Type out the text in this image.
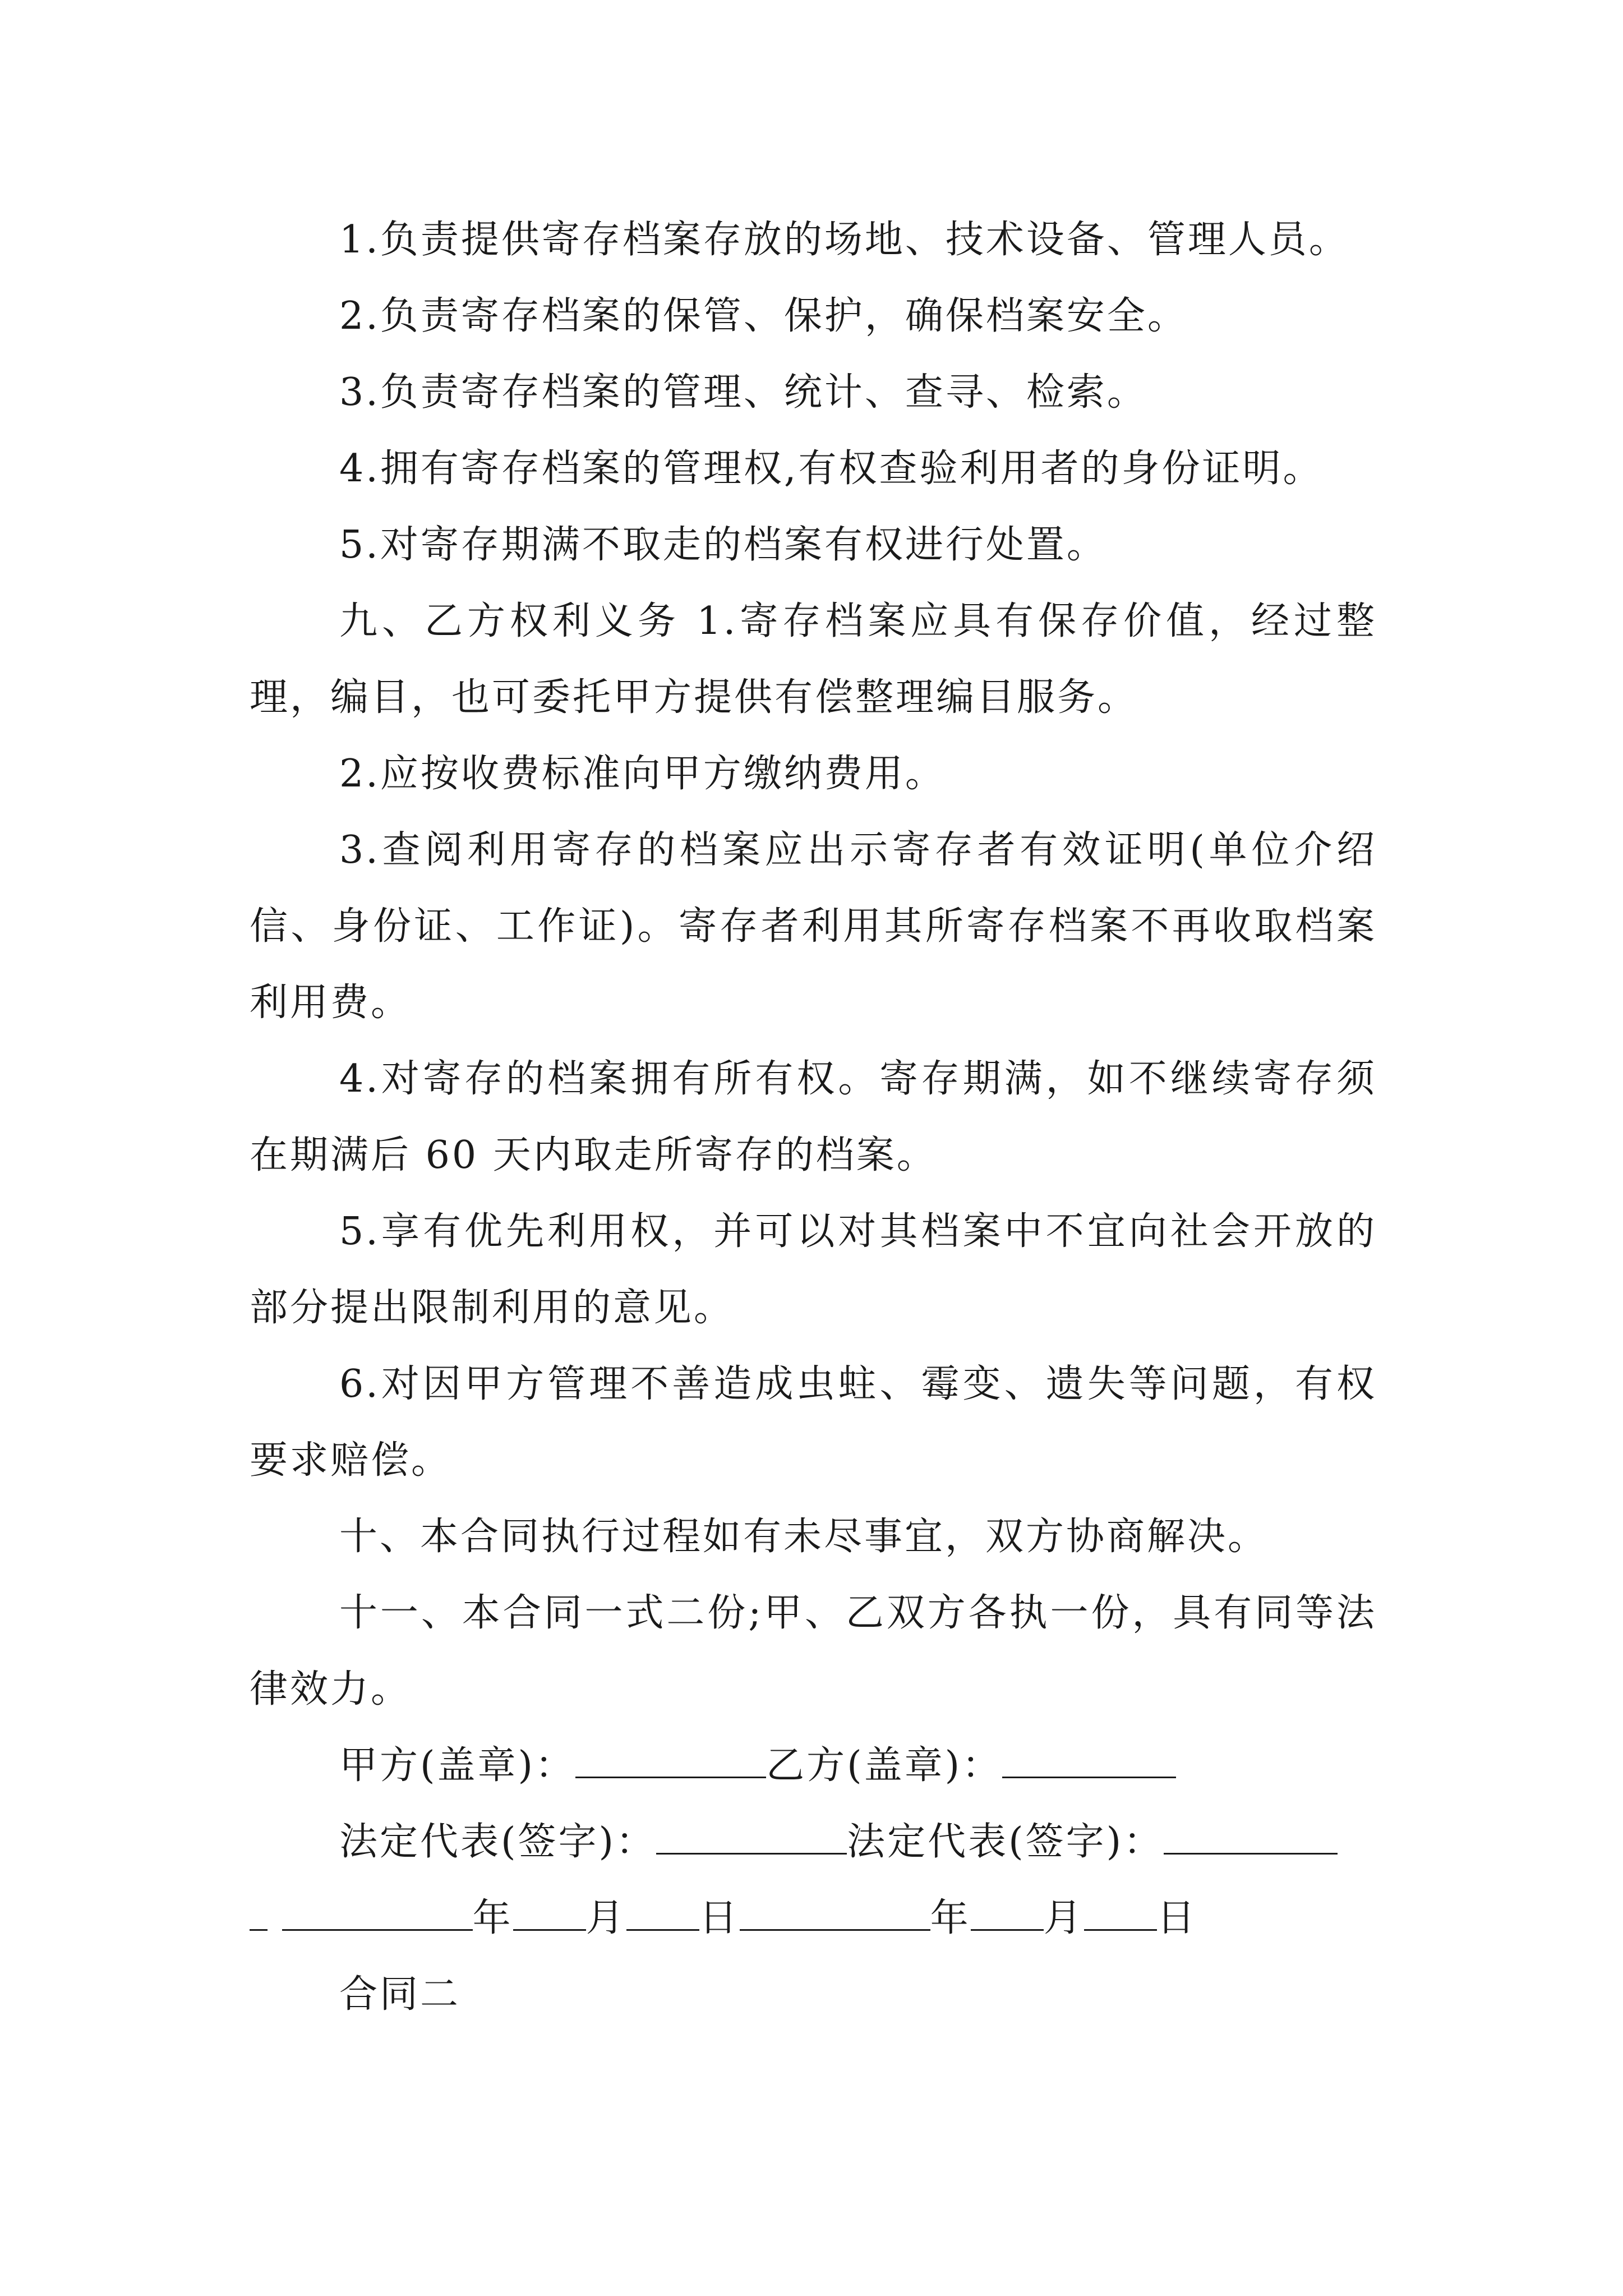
1.负责提供寄存档案存放的场地、技术设备、管理人员。

2.负责寄存档案的保管、保护，确保档案安全。

3.负责寄存档案的管理、统计、查寻、检索。

4.拥有寄存档案的管理权,有权查验利用者的身份证明。

5.对寄存期满不取走的档案有权进行处置。

九、乙方权利义务 1.寄存档案应具有保存价值，经过整理，编目，也可委托甲方提供有偿整理编目服务。

2.应按收费标准向甲方缴纳费用。

3.查阅利用寄存的档案应出示寄存者有效证明(单位介绍信、身份证、工作证)。寄存者利用其所寄存档案不再收取档案利用费。

4.对寄存的档案拥有所有权。寄存期满，如不继续寄存须在期满后 60 天内取走所寄存的档案。

5.享有优先利用权，并可以对其档案中不宜向社会开放的部分提出限制利用的意见。

6.对因甲方管理不善造成虫蛀、霉变、遗失等问题，有权要求赔偿。

十、本合同执行过程如有未尽事宜，双方协商解决。

十一、本合同一式二份;甲、乙双方各执一份，具有同等法律效力。

甲方(盖章)：	乙方(盖章)：

法定代表(签字)：	法定代表(签字)：

年 月 日	年 月 日

合同二
